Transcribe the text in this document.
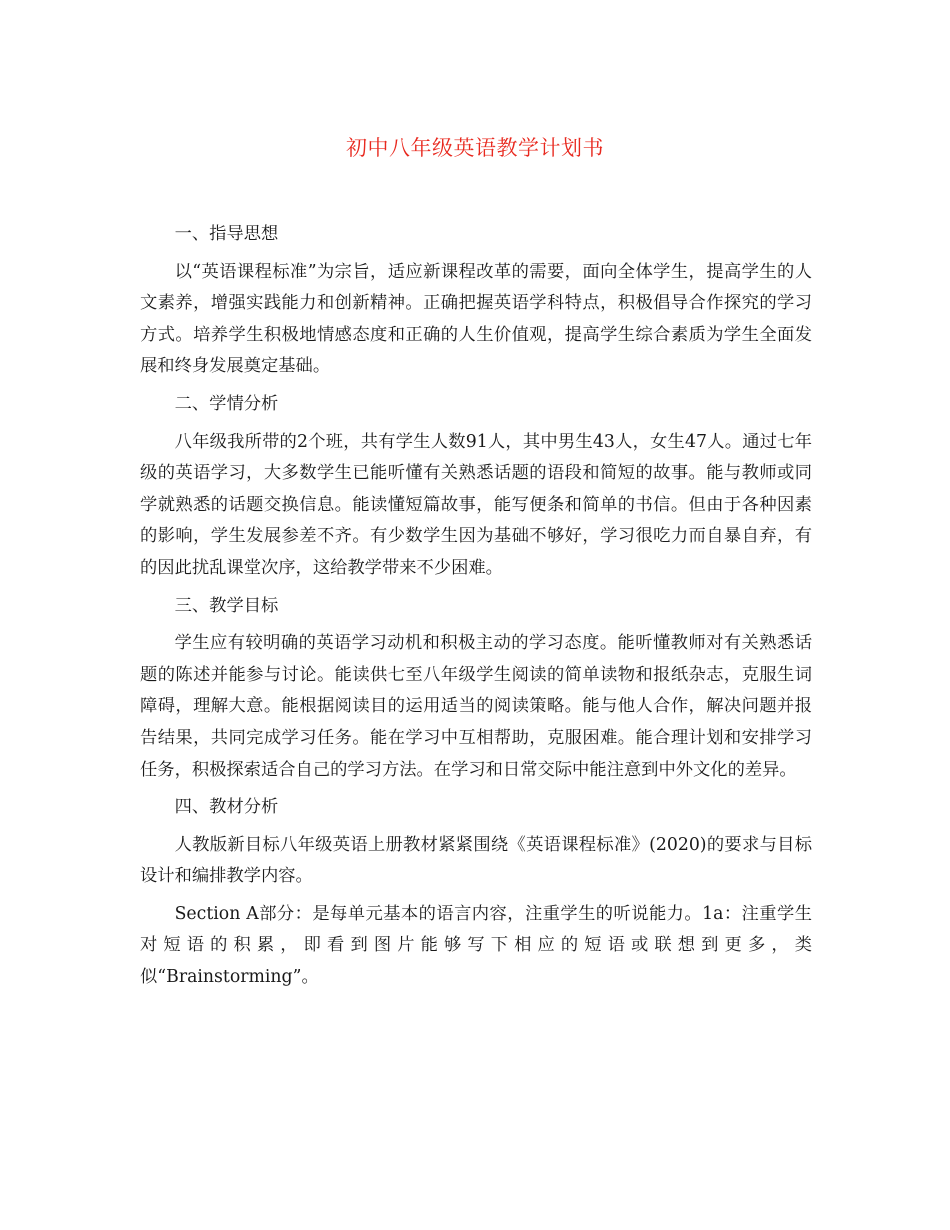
初中八年级英语教学计划书

一、指导思想

以“英语课程标准”为宗旨，适应新课程改革的需要，面向全体学生，提高学生的人文素养，增强实践能力和创新精神。正确把握英语学科特点，积极倡导合作探究的学习方式。培养学生积极地情感态度和正确的人生价值观，提高学生综合素质为学生全面发展和终身发展奠定基础。

二、学情分析

八年级我所带的2个班，共有学生人数91人，其中男生43人，女生47人。通过七年级的英语学习，大多数学生已能听懂有关熟悉话题的语段和简短的故事。能与教师或同学就熟悉的话题交换信息。能读懂短篇故事，能写便条和简单的书信。但由于各种因素的影响，学生发展参差不齐。有少数学生因为基础不够好，学习很吃力而自暴自弃，有的因此扰乱课堂次序，这给教学带来不少困难。

三、教学目标

学生应有较明确的英语学习动机和积极主动的学习态度。能听懂教师对有关熟悉话题的陈述并能参与讨论。能读供七至八年级学生阅读的简单读物和报纸杂志，克服生词障碍，理解大意。能根据阅读目的运用适当的阅读策略。能与他人合作，解决问题并报告结果，共同完成学习任务。能在学习中互相帮助，克服困难。能合理计划和安排学习任务，积极探索适合自己的学习方法。在学习和日常交际中能注意到中外文化的差异。

四、教材分析

人教版新目标八年级英语上册教材紧紧围绕《英语课程标准》(2020)的要求与目标设计和编排教学内容。

Section A部分：是每单元基本的语言内容，注重学生的听说能力。1a：注重学生对短语的积累，即看到图片能够写下相应的短语或联想到更多，类似“Brainstorming”。
